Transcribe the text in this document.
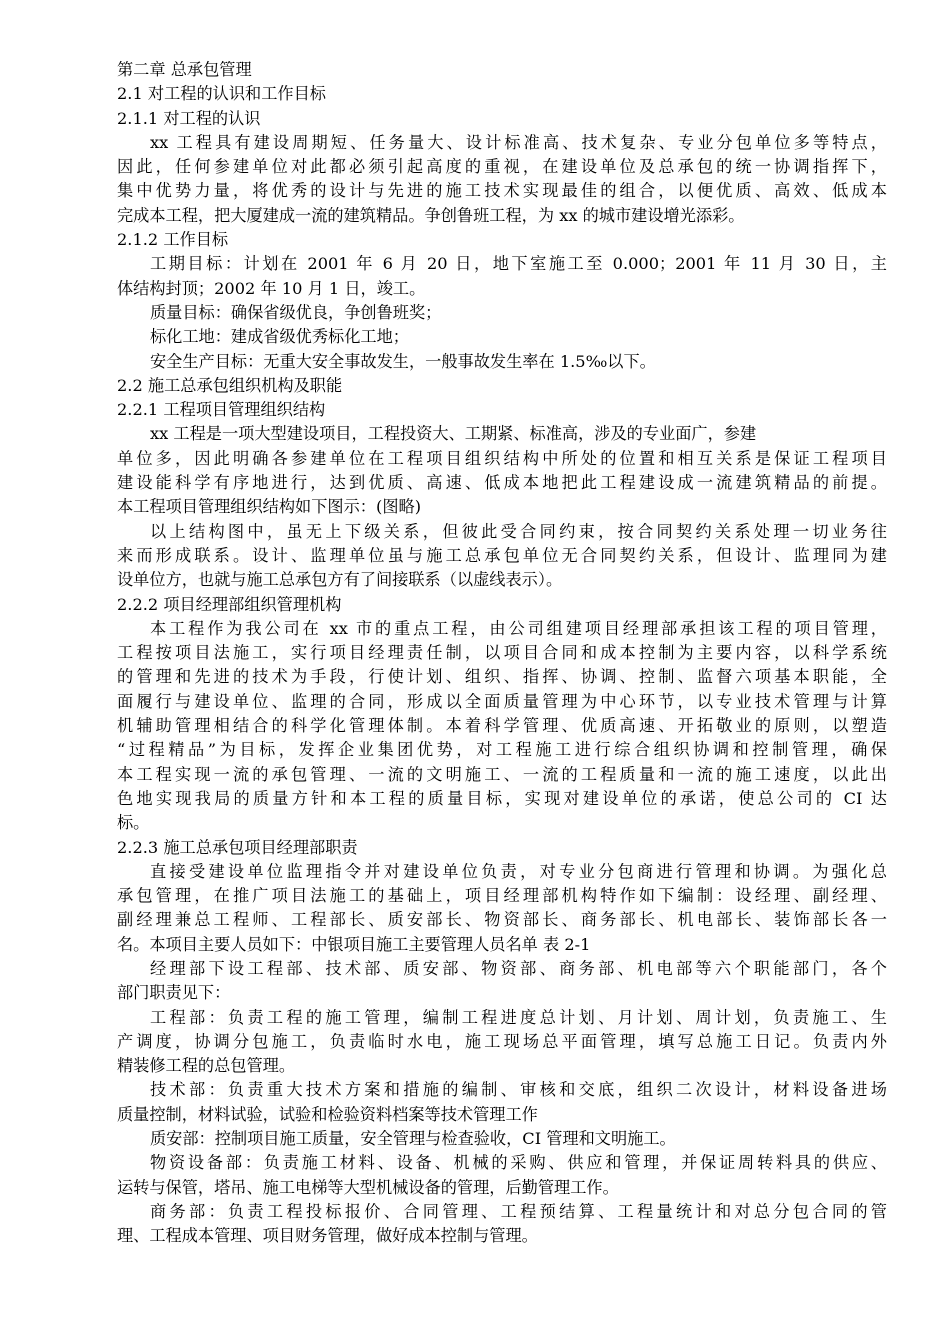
第二章 总承包管理
2.1 对工程的认识和工作目标
2.1.1 对工程的认识
xx 工程具有建设周期短、任务量大、设计标准高、技术复杂、专业分包单位多等特点，
因此，任何参建单位对此都必须引起高度的重视，在建设单位及总承包的统一协调指挥下，
集中优势力量，将优秀的设计与先进的施工技术实现最佳的组合，以便优质、高效、低成本
完成本工程，把大厦建成一流的建筑精品。争创鲁班工程，为 xx 的城市建设增光添彩。
2.1.2 工作目标
工期目标：计划在 2001 年 6 月 20 日，地下室施工至 0.000；2001 年 11 月 30 日，主
体结构封顶；2002 年 10 月 1 日，竣工。
质量目标：确保省级优良，争创鲁班奖；
标化工地：建成省级优秀标化工地；
安全生产目标：无重大安全事故发生，一般事故发生率在 1.5‰以下。
2.2 施工总承包组织机构及职能
2.2.1 工程项目管理组织结构
xx 工程是一项大型建设项目，工程投资大、工期紧、标准高，涉及的专业面广，参建
单位多，因此明确各参建单位在工程项目组织结构中所处的位置和相互关系是保证工程项目
建设能科学有序地进行，达到优质、高速、低成本地把此工程建设成一流建筑精品的前提。
本工程项目管理组织结构如下图示：(图略)
以上结构图中，虽无上下级关系，但彼此受合同约束，按合同契约关系处理一切业务往
来而形成联系。设计、监理单位虽与施工总承包单位无合同契约关系，但设计、监理同为建
设单位方，也就与施工总承包方有了间接联系（以虚线表示）。
2.2.2 项目经理部组织管理机构
本工程作为我公司在 xx 市的重点工程，由公司组建项目经理部承担该工程的项目管理，
工程按项目法施工，实行项目经理责任制，以项目合同和成本控制为主要内容，以科学系统
的管理和先进的技术为手段，行使计划、组织、指挥、协调、控制、监督六项基本职能，全
面履行与建设单位、监理的合同，形成以全面质量管理为中心环节，以专业技术管理与计算
机辅助管理相结合的科学化管理体制。本着科学管理、优质高速、开拓敬业的原则，以塑造
“过程精品”为目标，发挥企业集团优势，对工程施工进行综合组织协调和控制管理，确保
本工程实现一流的承包管理、一流的文明施工、一流的工程质量和一流的施工速度，以此出
色地实现我局的质量方针和本工程的质量目标，实现对建设单位的承诺，使总公司的 CI 达
标。
2.2.3 施工总承包项目经理部职责
直接受建设单位监理指令并对建设单位负责，对专业分包商进行管理和协调。为强化总
承包管理，在推广项目法施工的基础上，项目经理部机构特作如下编制：设经理、副经理、
副经理兼总工程师、工程部长、质安部长、物资部长、商务部长、机电部长、装饰部长各一
名。本项目主要人员如下：中银项目施工主要管理人员名单 表 2-1
经理部下设工程部、技术部、质安部、物资部、商务部、机电部等六个职能部门，各个
部门职责见下：
工程部：负责工程的施工管理，编制工程进度总计划、月计划、周计划，负责施工、生
产调度，协调分包施工，负责临时水电，施工现场总平面管理，填写总施工日记。负责内外
精装修工程的总包管理。
技术部：负责重大技术方案和措施的编制、审核和交底，组织二次设计，材料设备进场
质量控制，材料试验，试验和检验资料档案等技术管理工作
质安部：控制项目施工质量，安全管理与检查验收，CI 管理和文明施工。
物资设备部：负责施工材料、设备、机械的采购、供应和管理，并保证周转料具的供应、
运转与保管，塔吊、施工电梯等大型机械设备的管理，后勤管理工作。
商务部：负责工程投标报价、合同管理、工程预结算、工程量统计和对总分包合同的管
理、工程成本管理、项目财务管理，做好成本控制与管理。
